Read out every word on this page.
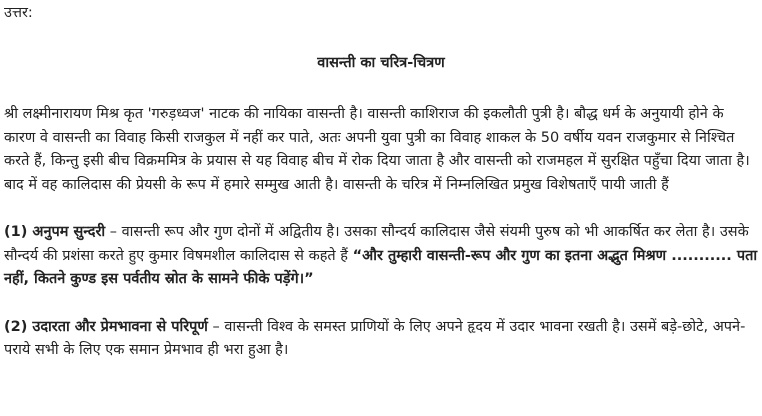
उत्तर:
वासन्ती का चरित्र-चित्रण
श्री लक्ष्मीनारायण मिश्र कृत 'गरुड़ध्वज' नाटक की नायिका वासन्ती है। वासन्ती काशिराज की इकलौती पुत्री है। बौद्ध धर्म के अनुयायी होने के कारण वे वासन्ती का विवाह किसी राजकुल में नहीं कर पाते, अतः अपनी युवा पुत्री का विवाह शाकल के 50 वर्षीय यवन राजकुमार से निश्चित करते हैं, किन्तु इसी बीच विक्रममित्र के प्रयास से यह विवाह बीच में रोक दिया जाता है और वासन्ती को राजमहल में सुरक्षित पहुँचा दिया जाता है। बाद में वह कालिदास की प्रेयसी के रूप में हमारे सम्मुख आती है। वासन्ती के चरित्र में निम्नलिखित प्रमुख विशेषताएँ पायी जाती हैं
(1) अनुपम सुन्दरी – वासन्ती रूप और गुण दोनों में अद्वितीय है। उसका सौन्दर्य कालिदास जैसे संयमी पुरुष को भी आकर्षित कर लेता है। उसके सौन्दर्य की प्रशंसा करते हुए कुमार विषमशील कालिदास से कहते हैं “और तुम्हारी वासन्ती-रूप और गुण का इतना अद्भुत मिश्रण ........... पता नहीं, कितने कुण्ड इस पर्वतीय स्रोत के सामने फीके पड़ेंगे।”
(2) उदारता और प्रेमभावना से परिपूर्ण – वासन्ती विश्व के समस्त प्राणियों के लिए अपने हृदय में उदार भावना रखती है। उसमें बड़े-छोटे, अपने-पराये सभी के लिए एक समान प्रेमभाव ही भरा हुआ है।
